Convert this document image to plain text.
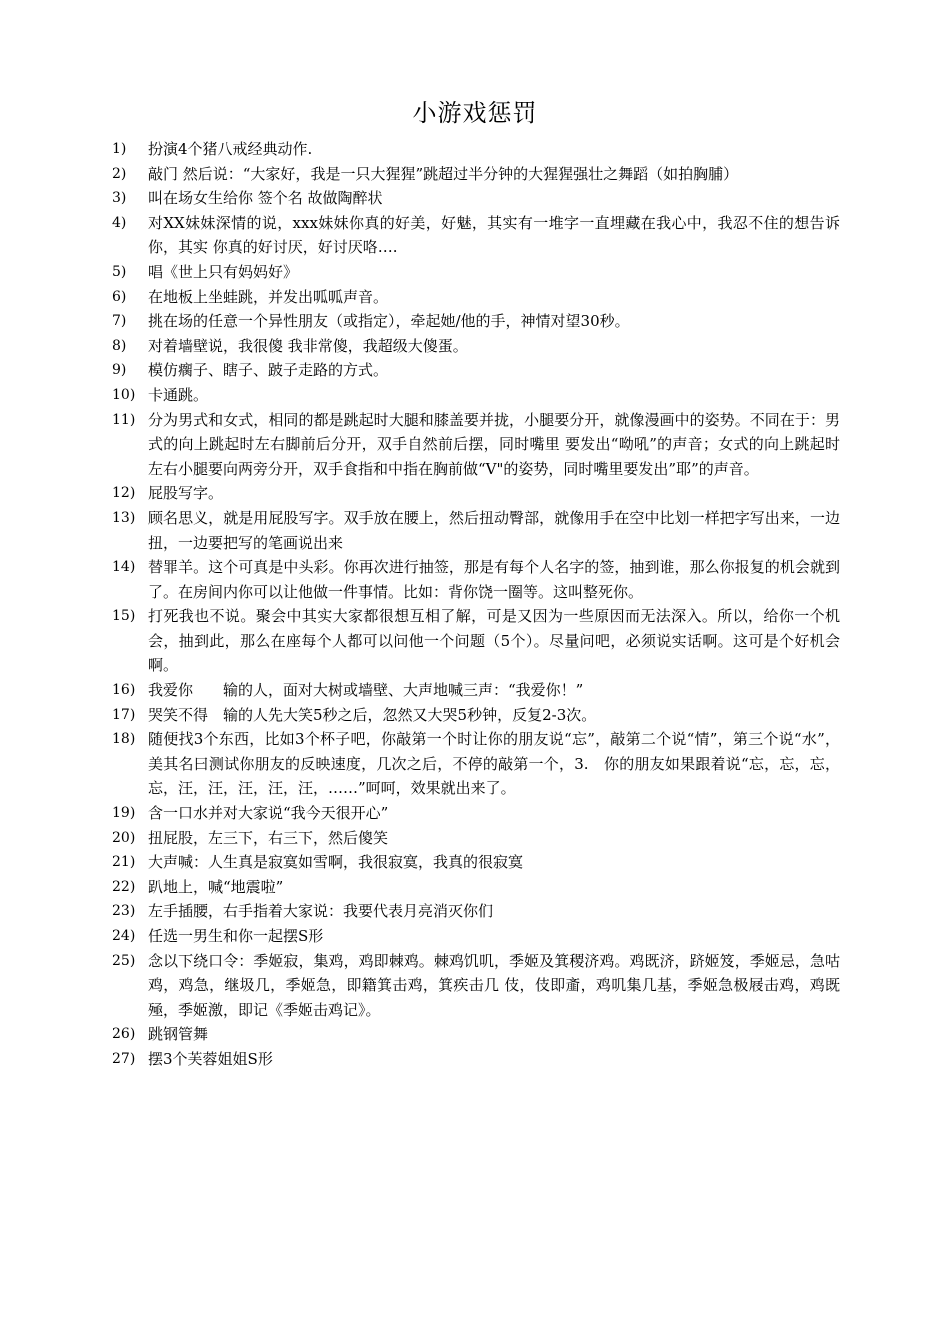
小游戏惩罚
1)	扮演4个猪八戒经典动作.
2)	敲门 然后说：“大家好，我是一只大猩猩”跳超过半分钟的大猩猩强壮之舞蹈（如拍胸脯）
3)	叫在场女生给你 签个名 故做陶醉状
4)	对XX妹妹深情的说，xxx妹妹你真的好美，好魅，其实有一堆字一直埋藏在我心中，我忍不住的想告诉你，其实 你真的好讨厌，好讨厌咯….
5)	唱《世上只有妈妈好》
6)	在地板上坐蛙跳，并发出呱呱声音。
7)	挑在场的任意一个异性朋友（或指定），牵起她/他的手，神情对望30秒。
8)	对着墙壁说，我很傻 我非常傻，我超级大傻蛋。
9)	模仿瘸子、瞎子、跛子走路的方式。
10) 卡通跳。
11) 分为男式和女式，相同的都是跳起时大腿和膝盖要并拢，小腿要分开，就像漫画中的姿势。不同在于：男式的向上跳起时左右脚前后分开，双手自然前后摆，同时嘴里 要发出“呦吼”的声音；女式的向上跳起时左右小腿要向两旁分开，双手食指和中指在胸前做“V"的姿势，同时嘴里要发出”耶”的声音。
12) 屁股写字。
13) 顾名思义，就是用屁股写字。双手放在腰上，然后扭动臀部，就像用手在空中比划一样把字写出来，一边扭，一边要把写的笔画说出来
14) 替罪羊。这个可真是中头彩。你再次进行抽签，那是有每个人名字的签，抽到谁，那么你报复的机会就到了。在房间内你可以让他做一件事情。比如：背你饶一圈等。这叫整死你。
15) 打死我也不说。聚会中其实大家都很想互相了解，可是又因为一些原因而无法深入。所以，给你一个机会，抽到此，那么在座每个人都可以问他一个问题（5个）。尽量问吧，必须说实话啊。这可是个好机会啊。
16) 我爱你　　输的人，面对大树或墙壁、大声地喊三声：“我爱你！”
17) 哭笑不得　输的人先大笑5秒之后，忽然又大哭5秒钟，反复2-3次。
18) 随便找3个东西，比如3个杯子吧，你敲第一个时让你的朋友说“忘”，敲第二个说“情”，第三个说“水”，美其名曰测试你朋友的反映速度，几次之后，不停的敲第一个，3.　你的朋友如果跟着说“忘，忘，忘，忘，汪，汪，汪，汪，汪，……”呵呵，效果就出来了。
19) 含一口水并对大家说“我今天很开心”
20) 扭屁股，左三下，右三下，然后傻笑
21) 大声喊：人生真是寂寞如雪啊，我很寂寞，我真的很寂寞
22) 趴地上，喊“地震啦”
23) 左手插腰，右手指着大家说：我要代表月亮消灭你们
24) 任选一男生和你一起摆S形
25) 念以下绕口令：季姬寂，集鸡，鸡即棘鸡。棘鸡饥叽，季姬及箕稷济鸡。鸡既济，跻姬笈，季姬忌，急咕鸡，鸡急，继圾几，季姬急，即籍箕击鸡，箕疾击几 伎，伎即齑，鸡叽集几基，季姬急极屐击鸡，鸡既殛，季姬激，即记《季姬击鸡记》。
26) 跳钢管舞
27) 摆3个芙蓉姐姐S形
